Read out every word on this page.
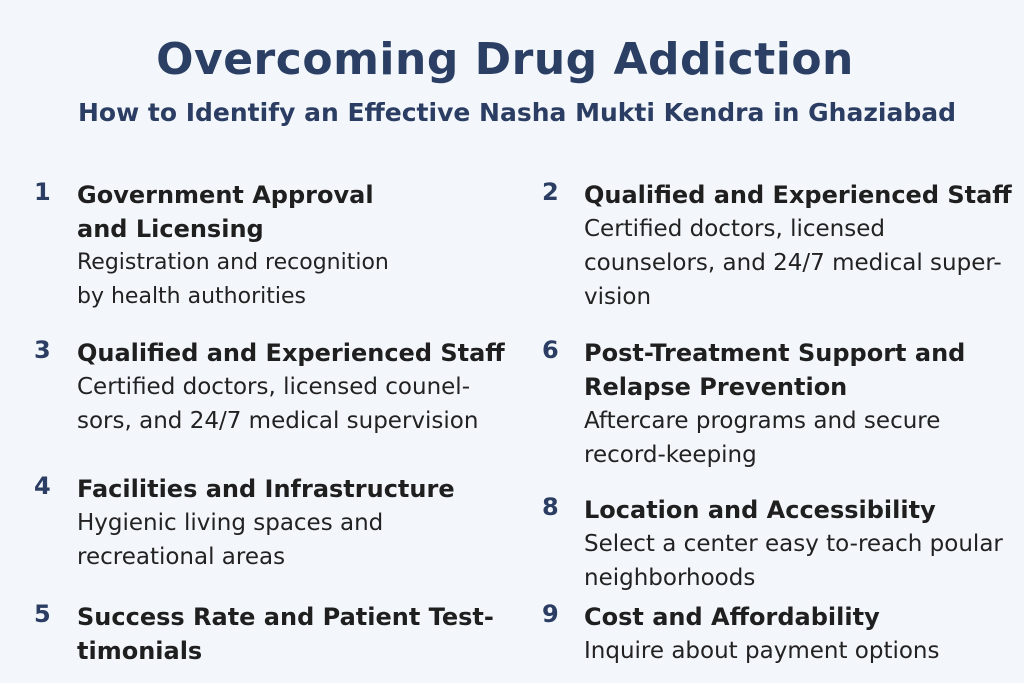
Overcoming Drug Addiction
How to Identify an Effective Nasha Mukti Kendra in Ghaziabad
1 Government Approval
and Licensing
Registration and recognition
by health authorities
2 Qualified and Experienced Staff
Certified doctors, licensed
counselors, and 24/7 medical super-
vision
3 Qualified and Experienced Staff
Certified doctors, licensed counel-
sors, and 24/7 medical supervision
6 Post-Treatment Support and
Relapse Prevention
Aftercare programs and secure
record-keeping
4 Facilities and Infrastructure
Hygienic living spaces and
recreational areas
8 Location and Accessibility
Select a center easy to-reach poular
neighborhoods
5 Success Rate and Patient Test-
timonials
9 Cost and Affordability
Inquire about payment options
